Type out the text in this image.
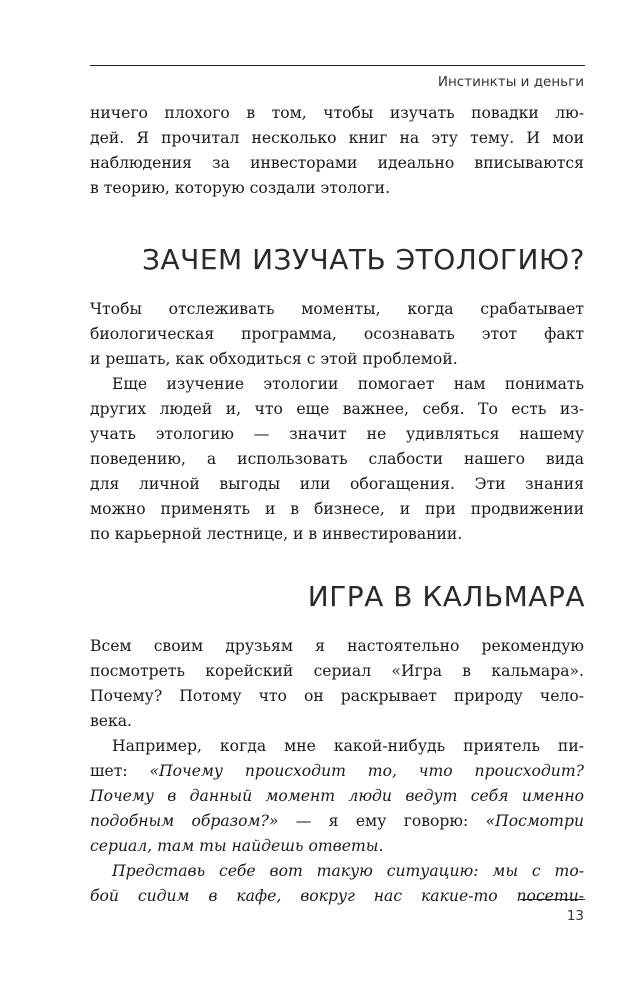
Инстинкты и деньги
ничего плохого в том, чтобы изучать повадки лю-
дей. Я прочитал несколько книг на эту тему. И мои
наблюдения за инвесторами идеально вписываются
в теорию, которую создали этологи.
ЗАЧЕМ ИЗУЧАТЬ ЭТОЛОГИЮ?
Чтобы отслеживать моменты, когда срабатывает
биологическая программа, осознавать этот факт
и решать, как обходиться с этой проблемой.
Еще изучение этологии помогает нам понимать
других людей и, что еще важнее, себя. То есть из-
учать этологию — значит не удивляться нашему
поведению, а использовать слабости нашего вида
для личной выгоды или обогащения. Эти знания
можно применять и в бизнесе, и при продвижении
по карьерной лестнице, и в инвестировании.
ИГРА В КАЛЬМАРА
Всем своим друзьям я настоятельно рекомендую
посмотреть корейский сериал «Игра в кальмара».
Почему? Потому что он раскрывает природу чело-
века.
Например, когда мне какой-нибудь приятель пи-
шет: «Почему происходит то, что происходит?
Почему в данный момент люди ведут себя именно
подобным образом?» — я ему говорю: «Посмотри
сериал, там ты найдешь ответы.
Представь себе вот такую ситуацию: мы с то-
бой сидим в кафе, вокруг нас какие-то посети-
13
